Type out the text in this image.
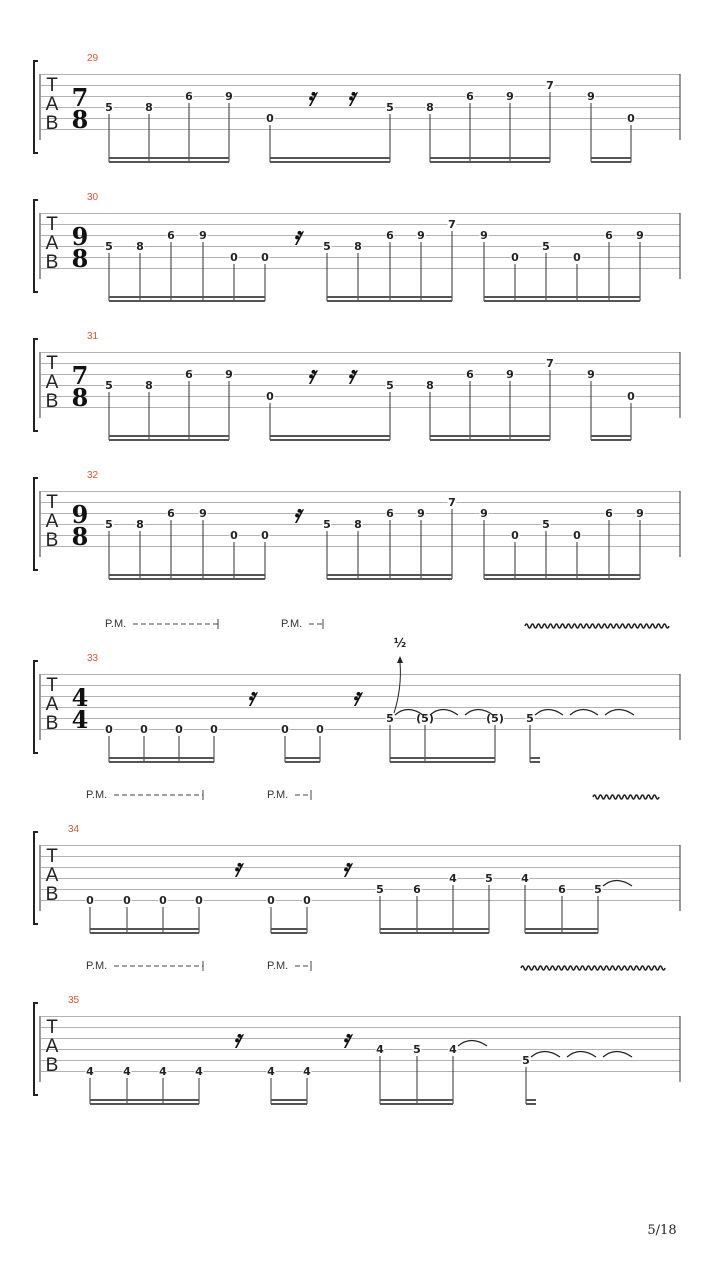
T
A
B
29
7
8
𝄿 𝄿
5	8
6	9
0
5	8
6	9
7
9
0
T
A
B
30
9
8
𝄿
5 8
6 9
0 0
5 8
6 9
7
9
0
5
0
6 9
T
A
B
31
7
8
𝄿 𝄿
5	8
6	9
0
5	8
6	9
7
9
0
T
A
B
32
9
8
𝄿
5 8
6 9
0 0
5 8
6 9
7
9
0
5
0
6 9
T
A
B
33
4
4
𝄿	𝄿
0 0 0 0	0 0
5 (5)	(5) 5
P.M.	P.M.
½
T
A
B
34
𝄿	𝄿
0	0	0	0	0	0
5	6
4	5	4
6	5
P.M.	P.M.
T
A
B
35
𝄿	𝄿
4	4	4	4	4	4
4	5	4
5
P.M.	P.M.
5/18
